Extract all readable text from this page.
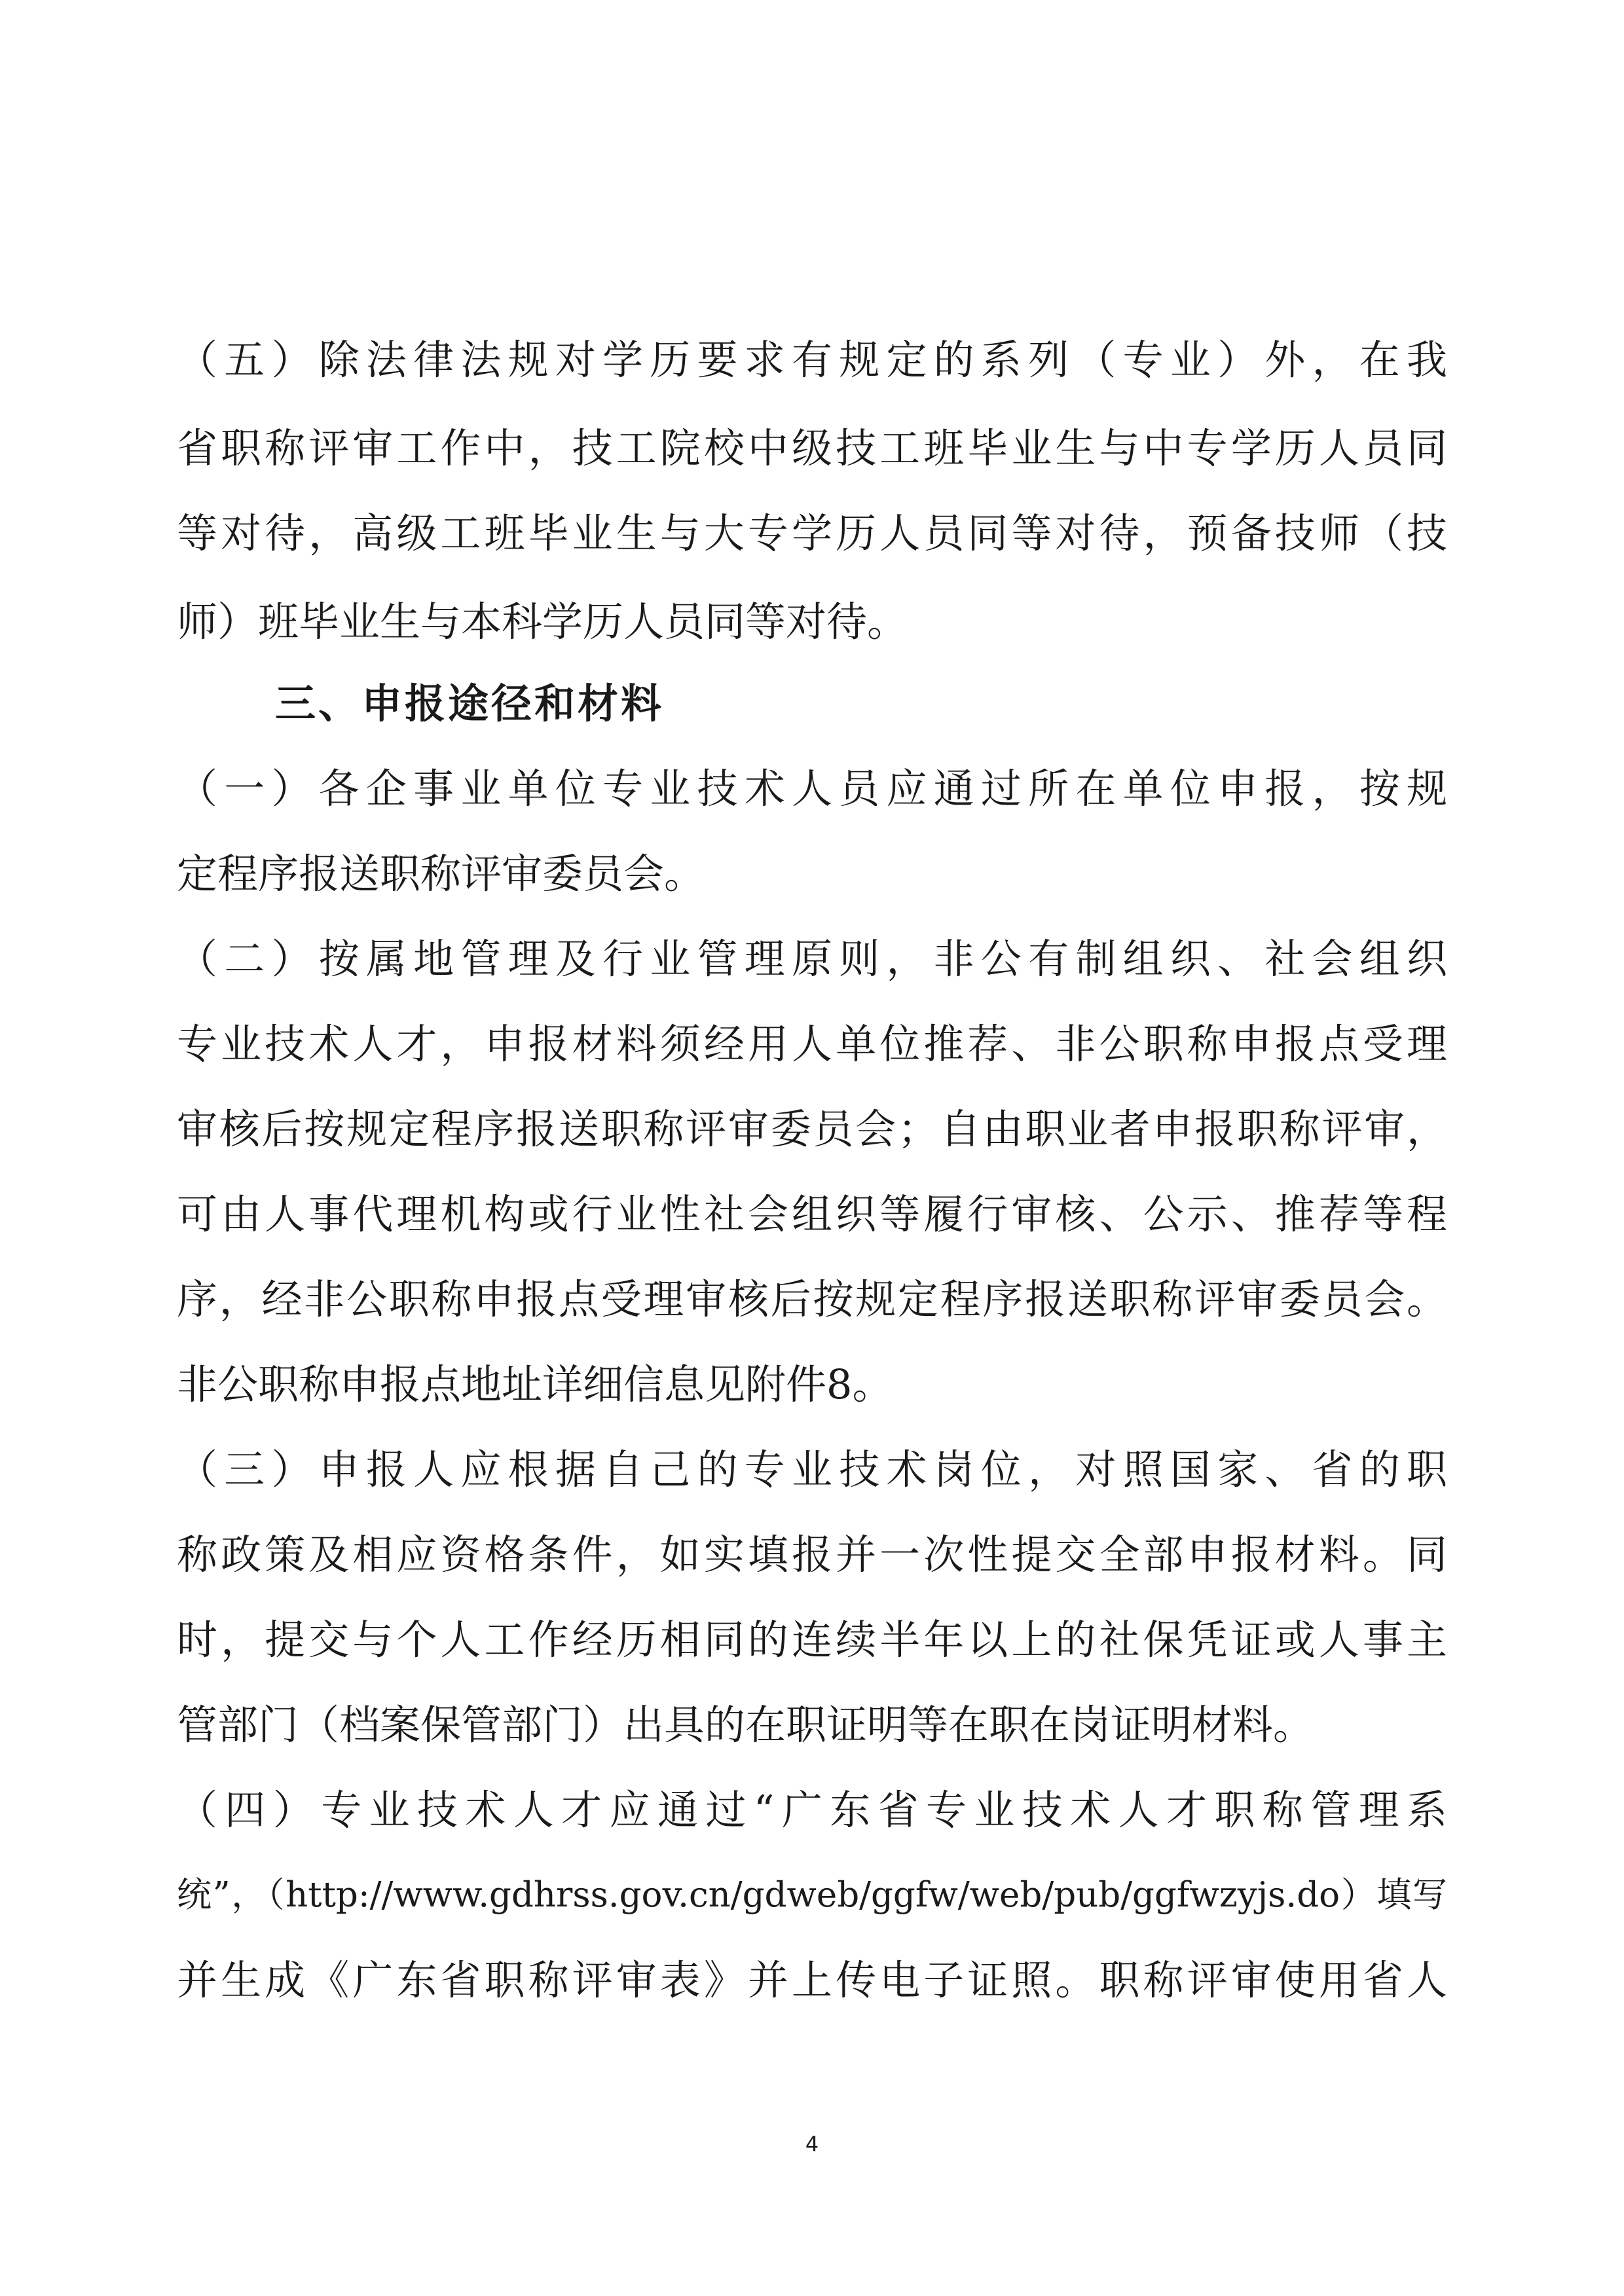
（五）除法律法规对学历要求有规定的系列（专业）外，在我
省职称评审工作中，技工院校中级技工班毕业生与中专学历人员同
等对待，高级工班毕业生与大专学历人员同等对待，预备技师（技
师）班毕业生与本科学历人员同等对待。
三、申报途径和材料
（一）各企事业单位专业技术人员应通过所在单位申报，按规
定程序报送职称评审委员会。
（二）按属地管理及行业管理原则，非公有制组织、社会组织
专业技术人才，申报材料须经用人单位推荐、非公职称申报点受理
审核后按规定程序报送职称评审委员会；自由职业者申报职称评审，
可由人事代理机构或行业性社会组织等履行审核、公示、推荐等程
序，经非公职称申报点受理审核后按规定程序报送职称评审委员会。
非公职称申报点地址详细信息见附件8。
（三）申报人应根据自己的专业技术岗位，对照国家、省的职
称政策及相应资格条件，如实填报并一次性提交全部申报材料。同
时，提交与个人工作经历相同的连续半年以上的社保凭证或人事主
管部门（档案保管部门）出具的在职证明等在职在岗证明材料。
（四）专业技术人才应通过“广东省专业技术人才职称管理系
统”，（http://www.gdhrss.gov.cn/gdweb/ggfw/web/pub/ggfwzyjs.do）填写
并生成《广东省职称评审表》并上传电子证照。职称评审使用省人
4
